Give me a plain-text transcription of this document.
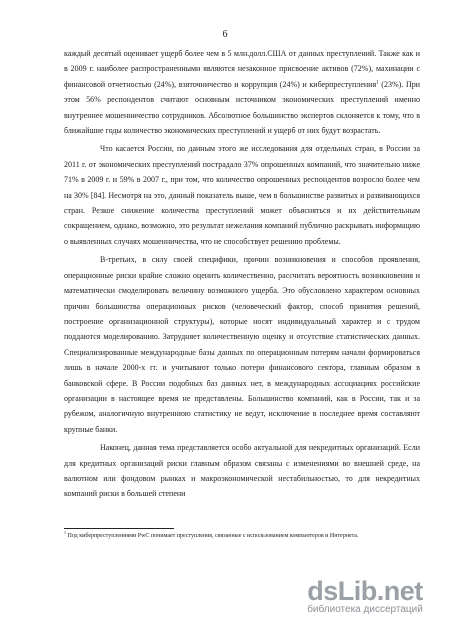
6

каждый десятый оценивает ущерб более чем в 5 млн.долл.США от данных преступлений. Также как и в 2009 г. наиболее распространенными являются незаконное присвоение активов (72%), махинации с финансовой отчетностью (24%), взяточничество и коррупция (24%) и киберпреступления$^1$ (23%). При этом 56% респондентов считают основным источником экономических преступлений именно внутреннее мошенничество сотрудников. Абсолютное большинство экспертов склоняется к тому, что в ближайшие годы количество экономических преступлений и ущерб от них будут возрастать.

Что касается России, по данным этого же исследования для отдельных стран, в России за 2011 г. от экономических преступлений пострадало 37% опрошенных компаний, что значительно ниже 71% в 2009 г. и 59% в 2007 г., при том, что количество опрошенных респондентов возросло более чем на 30% [84]. Несмотря на это, данный показатель выше, чем в большинстве развитых и развивающихся стран. Резкое снижение количества преступлений может объясняться и их действительным сокращением, однако, возможно, это результат нежелания компаний публично раскрывать информацию о выявленных случаях мошенничества, что не способствует решению проблемы.

В-третьих, в силу своей специфики, причин возникновения и способов проявления, операционные риски крайне сложно оценить количественно, рассчитать вероятность возникновения и математически смоделировать величину возможного ущерба. Это обусловлено характером основных причин большинства операционных рисков (человеческий фактор, способ принятия решений, построение организационной структуры), которые носят индивидуальный характер и с трудом поддаются моделированию. Затрудняет количественную оценку и отсутствие статистических данных. Специализированные международные базы данных по операционным потерям начали формироваться лишь в начале 2000-х гг. и учитывают только потери финансового сектора, главным образом в банковской сфере. В России подобных баз данных нет, в международных ассоциациях российские организации в настоящее время не представлены. Большинство компаний, как в России, так и за рубежом, аналогичную внутреннюю статистику не ведут, исключение в последнее время составляют крупные банки.

Наконец, данная тема представляется особо актуальной для некредитных организаций. Если для кредитных организаций риски главным образом связаны с изменениями во внешней среде, на валютном или фондовом рынках и макроэкономической нестабильностью, то для некредитных компаний риски в большей степени

$^1$ Под киберпреступлениями PwC понимает преступления, связанные с использованием компьютеров и Интернета.
dsLib.net
библиотека диссертаций
